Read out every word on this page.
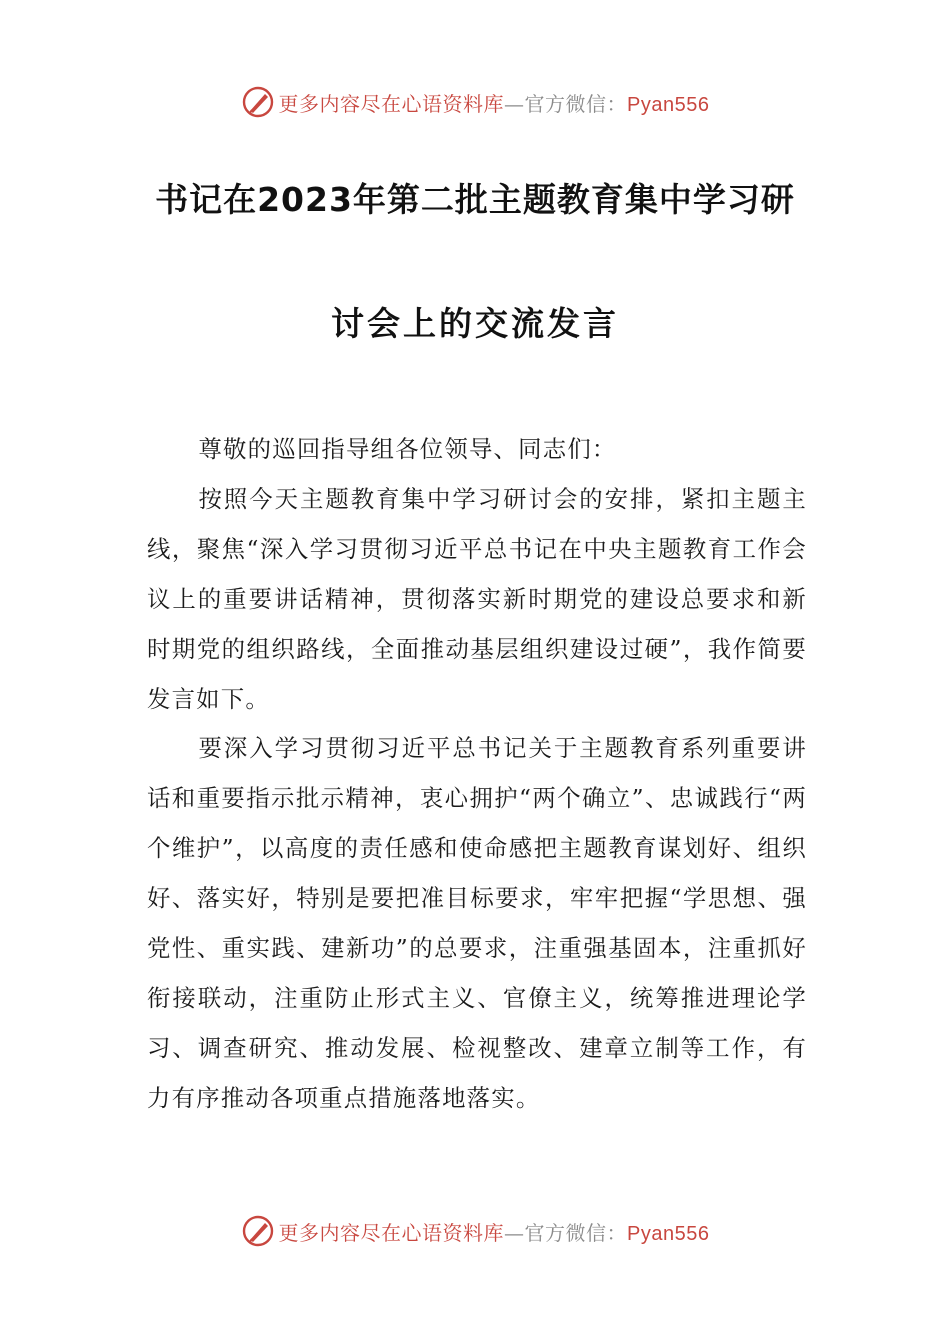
更多内容尽在心语资料库—官方微信：Pyan556
书记在2023年第二批主题教育集中学习研
讨会上的交流发言

尊敬的巡回指导组各位领导、同志们：

按照今天主题教育集中学习研讨会的安排，紧扣主题主线，聚焦“深入学习贯彻习近平总书记在中央主题教育工作会议上的重要讲话精神，贯彻落实新时期党的建设总要求和新时期党的组织路线，全面推动基层组织建设过硬”，我作简要发言如下。

要深入学习贯彻习近平总书记关于主题教育系列重要讲话和重要指示批示精神，衷心拥护“两个确立”、忠诚践行“两个维护”，以高度的责任感和使命感把主题教育谋划好、组织好、落实好，特别是要把准目标要求，牢牢把握“学思想、强党性、重实践、建新功”的总要求，注重强基固本，注重抓好衔接联动，注重防止形式主义、官僚主义，统筹推进理论学习、调查研究、推动发展、检视整改、建章立制等工作，有力有序推动各项重点措施落地落实。

更多内容尽在心语资料库—官方微信：Pyan556
